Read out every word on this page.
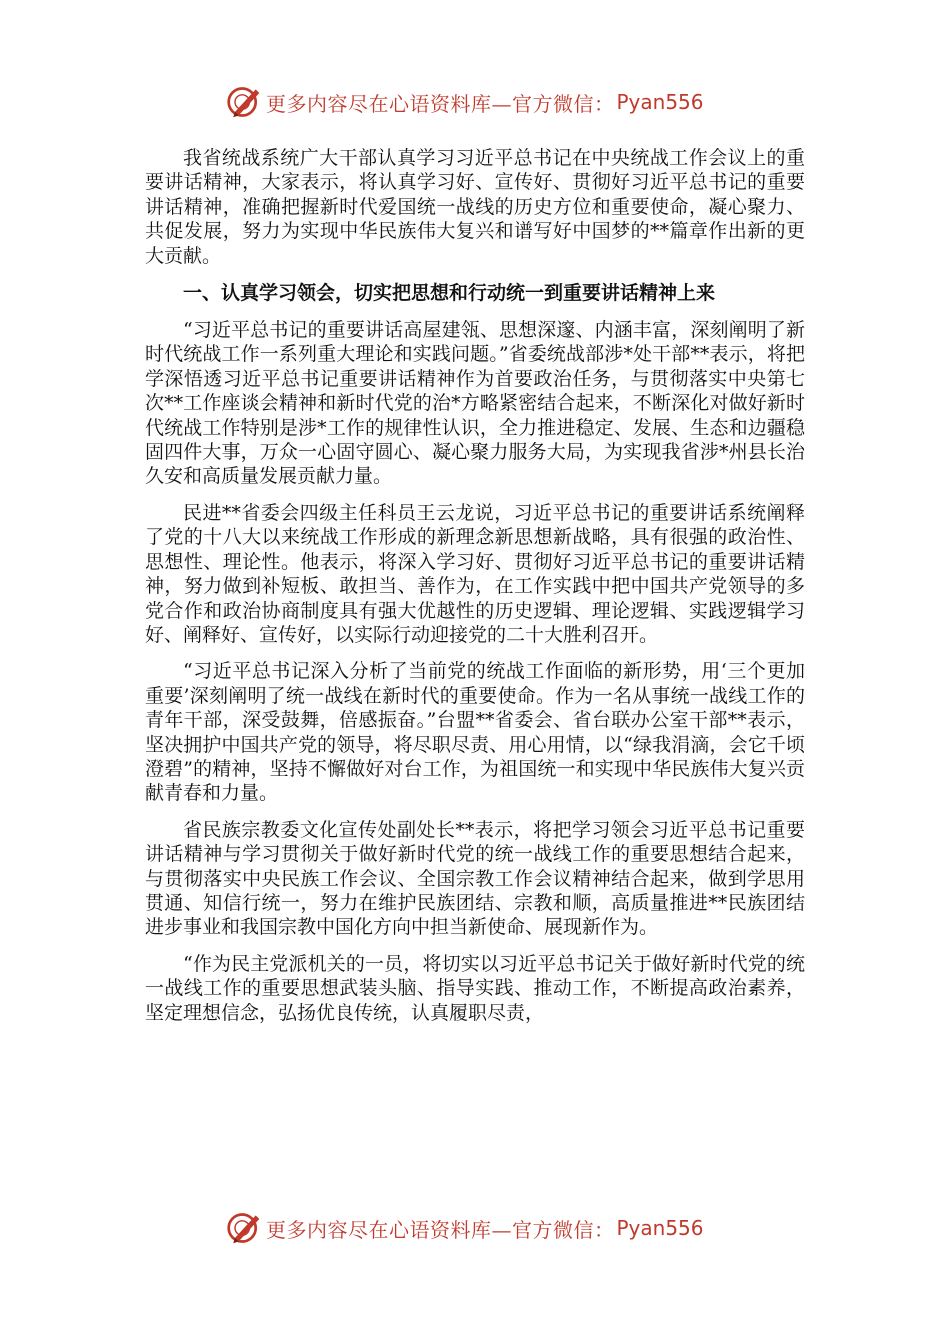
更多内容尽在心语资料库—官方微信： Pyan556

我省统战系统广大干部认真学习习近平总书记在中央统战工作会议上的重要讲话精神，大家表示，将认真学习好、宣传好、贯彻好习近平总书记的重要讲话精神，准确把握新时代爱国统一战线的历史方位和重要使命，凝心聚力、共促发展，努力为实现中华民族伟大复兴和谱写好中国梦的**篇章作出新的更大贡献。

一、认真学习领会，切实把思想和行动统一到重要讲话精神上来

“习近平总书记的重要讲话高屋建瓴、思想深邃、内涵丰富，深刻阐明了新时代统战工作一系列重大理论和实践问题。”省委统战部涉*处干部**表示，将把学深悟透习近平总书记重要讲话精神作为首要政治任务，与贯彻落实中央第七次**工作座谈会精神和新时代党的治*方略紧密结合起来，不断深化对做好新时代统战工作特别是涉*工作的规律性认识，全力推进稳定、发展、生态和边疆稳固四件大事，万众一心固守圆心、凝心聚力服务大局，为实现我省涉*州县长治久安和高质量发展贡献力量。

民进**省委会四级主任科员王云龙说，习近平总书记的重要讲话系统阐释了党的十八大以来统战工作形成的新理念新思想新战略，具有很强的政治性、思想性、理论性。他表示，将深入学习好、贯彻好习近平总书记的重要讲话精神，努力做到补短板、敢担当、善作为，在工作实践中把中国共产党领导的多党合作和政治协商制度具有强大优越性的历史逻辑、理论逻辑、实践逻辑学习好、阐释好、宣传好，以实际行动迎接党的二十大胜利召开。

“习近平总书记深入分析了当前党的统战工作面临的新形势，用‘三个更加重要’深刻阐明了统一战线在新时代的重要使命。作为一名从事统一战线工作的青年干部，深受鼓舞，倍感振奋。”台盟**省委会、省台联办公室干部**表示，坚决拥护中国共产党的领导，将尽职尽责、用心用情，以“绿我涓滴，会它千顷澄碧”的精神，坚持不懈做好对台工作，为祖国统一和实现中华民族伟大复兴贡献青春和力量。

省民族宗教委文化宣传处副处长**表示，将把学习领会习近平总书记重要讲话精神与学习贯彻关于做好新时代党的统一战线工作的重要思想结合起来，与贯彻落实中央民族工作会议、全国宗教工作会议精神结合起来，做到学思用贯通、知信行统一，努力在维护民族团结、宗教和顺，高质量推进**民族团结进步事业和我国宗教中国化方向中担当新使命、展现新作为。

“作为民主党派机关的一员，将切实以习近平总书记关于做好新时代党的统一战线工作的重要思想武装头脑、指导实践、推动工作，不断提高政治素养，坚定理想信念，弘扬优良传统，认真履职尽责，

更多内容尽在心语资料库—官方微信： Pyan556
